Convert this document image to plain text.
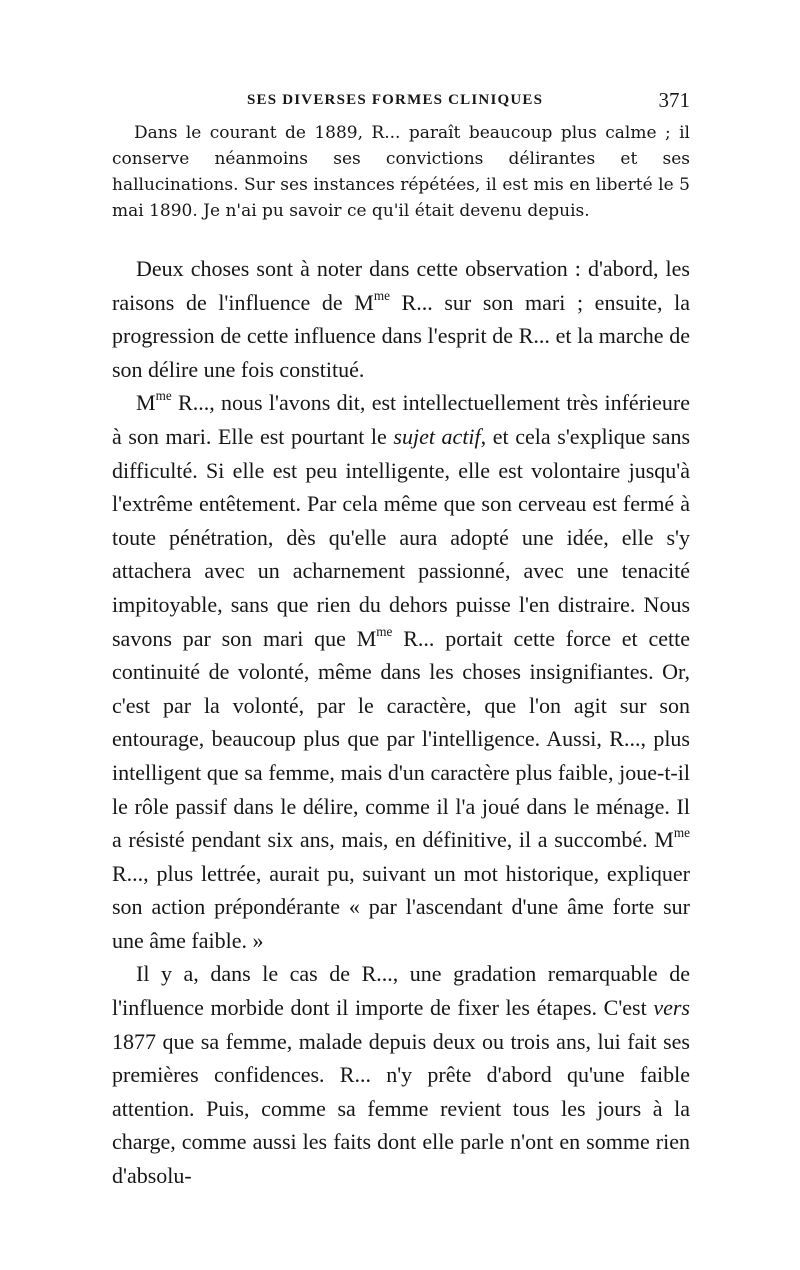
SES DIVERSES FORMES CLINIQUES	371

Dans le courant de 1889, R... paraît beaucoup plus calme ; il conserve néanmoins ses convictions délirantes et ses hallucinations. Sur ses instances répétées, il est mis en liberté le 5 mai 1890. Je n'ai pu savoir ce qu'il était devenu depuis.

Deux choses sont à noter dans cette observation : d'abord, les raisons de l'influence de $M^{me}$ R... sur son mari ; ensuite, la progression de cette influence dans l'esprit de R... et la marche de son délire une fois constitué.

$M^{me}$ R..., nous l'avons dit, est intellectuellement très inférieure à son mari. Elle est pourtant le sujet actif, et cela s'explique sans difficulté. Si elle est peu intelligente, elle est volontaire jusqu'à l'extrême entêtement. Par cela même que son cerveau est fermé à toute pénétration, dès qu'elle aura adopté une idée, elle s'y attachera avec un acharnement passionné, avec une tenacité impitoyable, sans que rien du dehors puisse l'en distraire. Nous savons par son mari que $M^{me}$ R... portait cette force et cette continuité de volonté, même dans les choses insignifiantes. Or, c'est par la volonté, par le caractère, que l'on agit sur son entourage, beaucoup plus que par l'intelligence. Aussi, R..., plus intelligent que sa femme, mais d'un caractère plus faible, joue-t-il le rôle passif dans le délire, comme il l'a joué dans le ménage. Il a résisté pendant six ans, mais, en définitive, il a succombé. $M^{me}$ R..., plus lettrée, aurait pu, suivant un mot historique, expliquer son action prépondérante « par l'ascendant d'une âme forte sur une âme faible. »

Il y a, dans le cas de R..., une gradation remarquable de l'influence morbide dont il importe de fixer les étapes. C'est vers 1877 que sa femme, malade depuis deux ou trois ans, lui fait ses premières confidences. R... n'y prête d'abord qu'une faible attention. Puis, comme sa femme revient tous les jours à la charge, comme aussi les faits dont elle parle n'ont en somme rien d'absolu-
